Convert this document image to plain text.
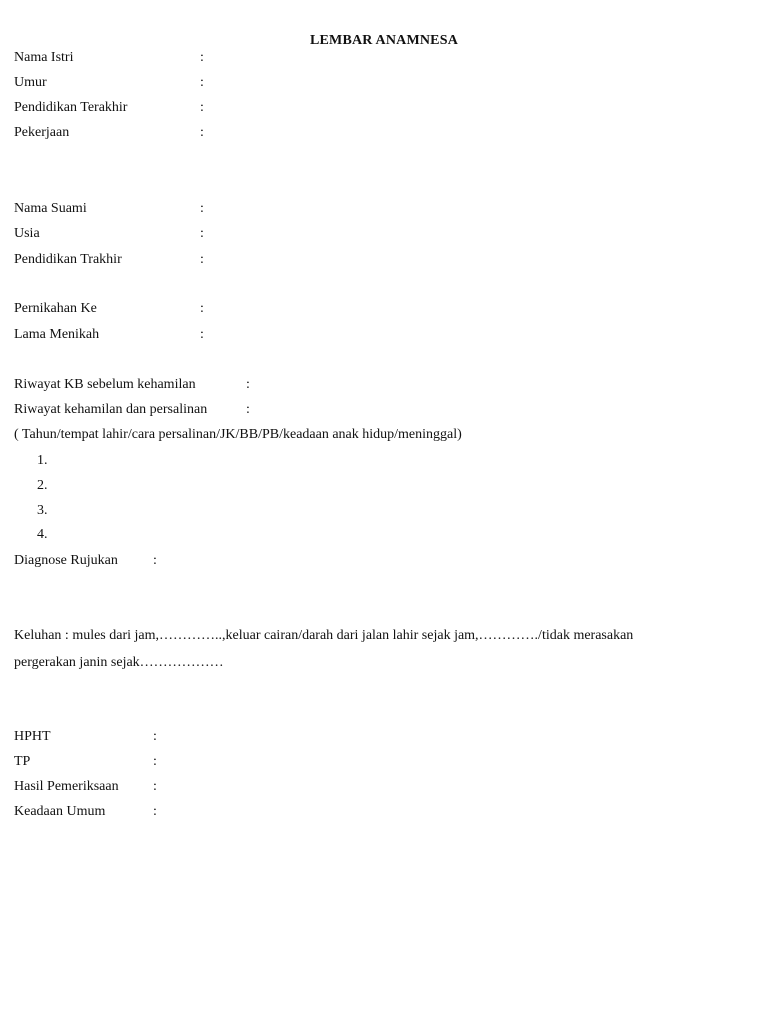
LEMBAR ANAMNESA
Nama Istri	:
Umur	:
Pendidikan Terakhir	:
Pekerjaan	:
Nama Suami	:
Usia	:
Pendidikan Trakhir	:
Pernikahan Ke	:
Lama Menikah	:
Riwayat KB sebelum kehamilan	:
Riwayat kehamilan dan persalinan	:
( Tahun/tempat lahir/cara persalinan/JK/BB/PB/keadaan anak hidup/meninggal)
1.
2.
3.
4.
Diagnose Rujukan	:
Keluhan : mules dari jam,…………..,keluar cairan/darah dari jalan lahir sejak jam,…………./tidak merasakan
pergerakan janin sejak………………
HPHT	:
TP	:
Hasil Pemeriksaan :
Keadaan Umum	:
